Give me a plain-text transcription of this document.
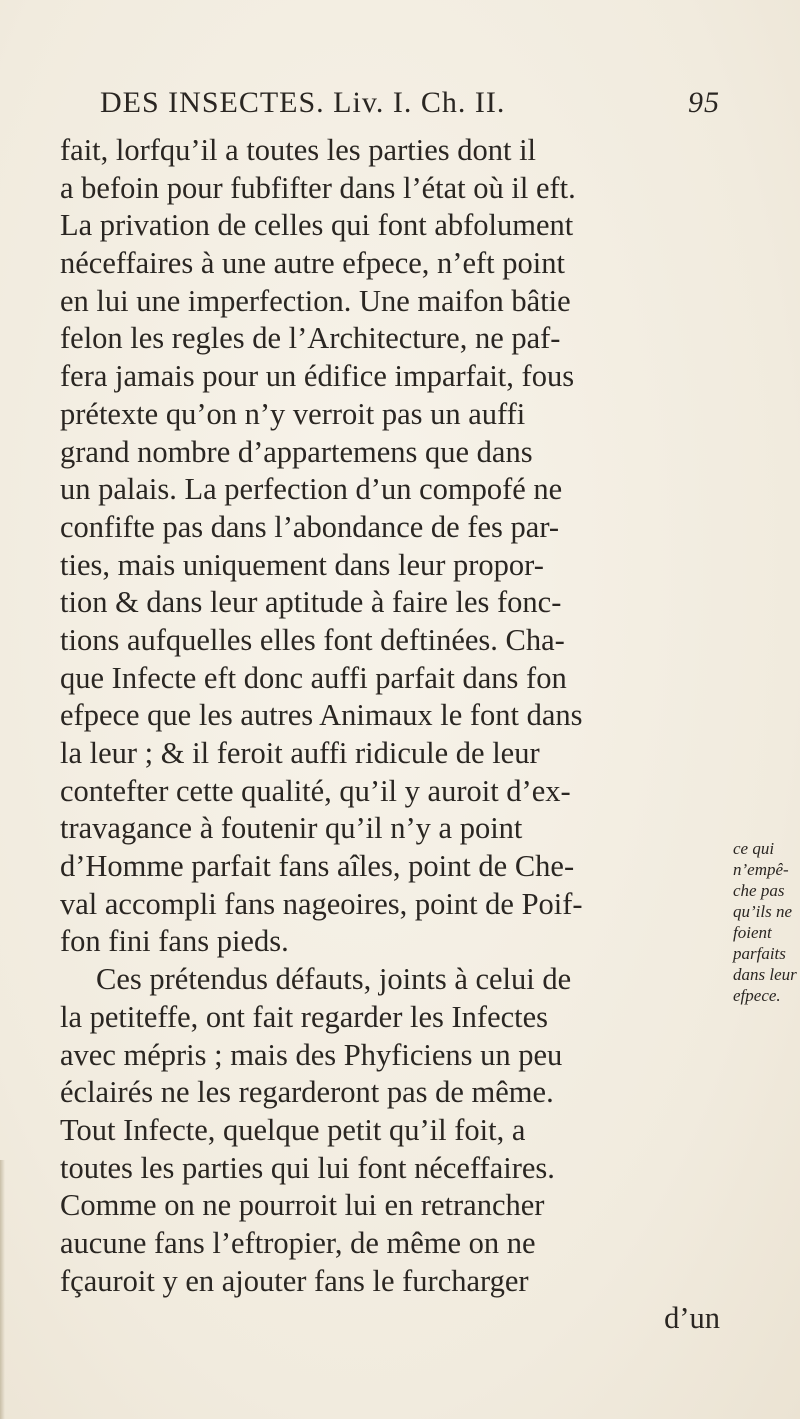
DES INSECTES. Liv. I. Ch. II.	95
fait, lorfqu’il a toutes les parties dont il
a befoin pour fubfifter dans l’état où il eft.
La privation de celles qui font abfolument
néceffaires à une autre efpece, n’eft point
en lui une imperfection. Une maifon bâtie
felon les regles de l’Architecture, ne paf-
fera jamais pour un édifice imparfait, fous
prétexte qu’on n’y verroit pas un auffi
grand nombre d’appartemens que dans
un palais. La perfection d’un compofé ne
confifte pas dans l’abondance de fes par-
ties, mais uniquement dans leur propor-
tion & dans leur aptitude à faire les fonc-
tions aufquelles elles font deftinées. Cha-
que Infecte eft donc auffi parfait dans fon
efpece que les autres Animaux le font dans
la leur ; & il feroit auffi ridicule de leur
contefter cette qualité, qu’il y auroit d’ex-
travagance à foutenir qu’il n’y a point
d’Homme parfait fans aîles, point de Che-
val accompli fans nageoires, point de Poif-
fon fini fans pieds.
Ces prétendus défauts, joints à celui de
la petiteffe, ont fait regarder les Infectes
avec mépris ; mais des Phyficiens un peu
éclairés ne les regarderont pas de même.
Tout Infecte, quelque petit qu’il foit, a
toutes les parties qui lui font néceffaires.
Comme on ne pourroit lui en retrancher
aucune fans l’eftropier, de même on ne
fçauroit y en ajouter fans le furcharger
d’un
ce qui
n’empê-
che pas
qu’ils ne
foient
parfaits
dans leur
efpece.
